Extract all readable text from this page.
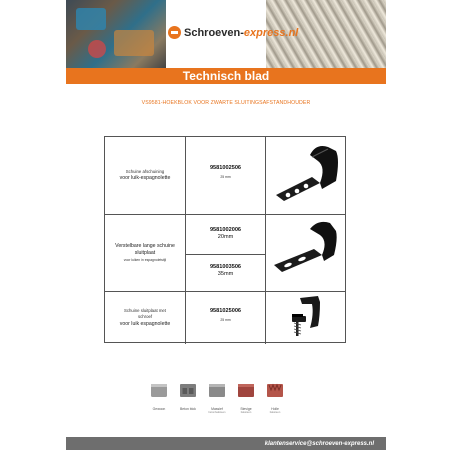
Schroeven-express.nl
Technisch blad
VS9581-HOEKBLOK VOOR ZWARTE SLUITINGSAFSTANDHOUDER
Schuine afschuining
voor luik-espagnolette
9581002506
25 mm
Verstelbare lange schuine
sluitplaat
voor luiken in espagnoletstijl
9581002006
20mm
9581003506
35mm
Schuine sluitplaat met
schroef
voor luik espagnolette
9581025006
25 mm
Gewoon	Beton blok	Massief
betonbaksteen
Stevige
baksteen
Holle
baksteen
klantenservice@schroeven-express.nl
